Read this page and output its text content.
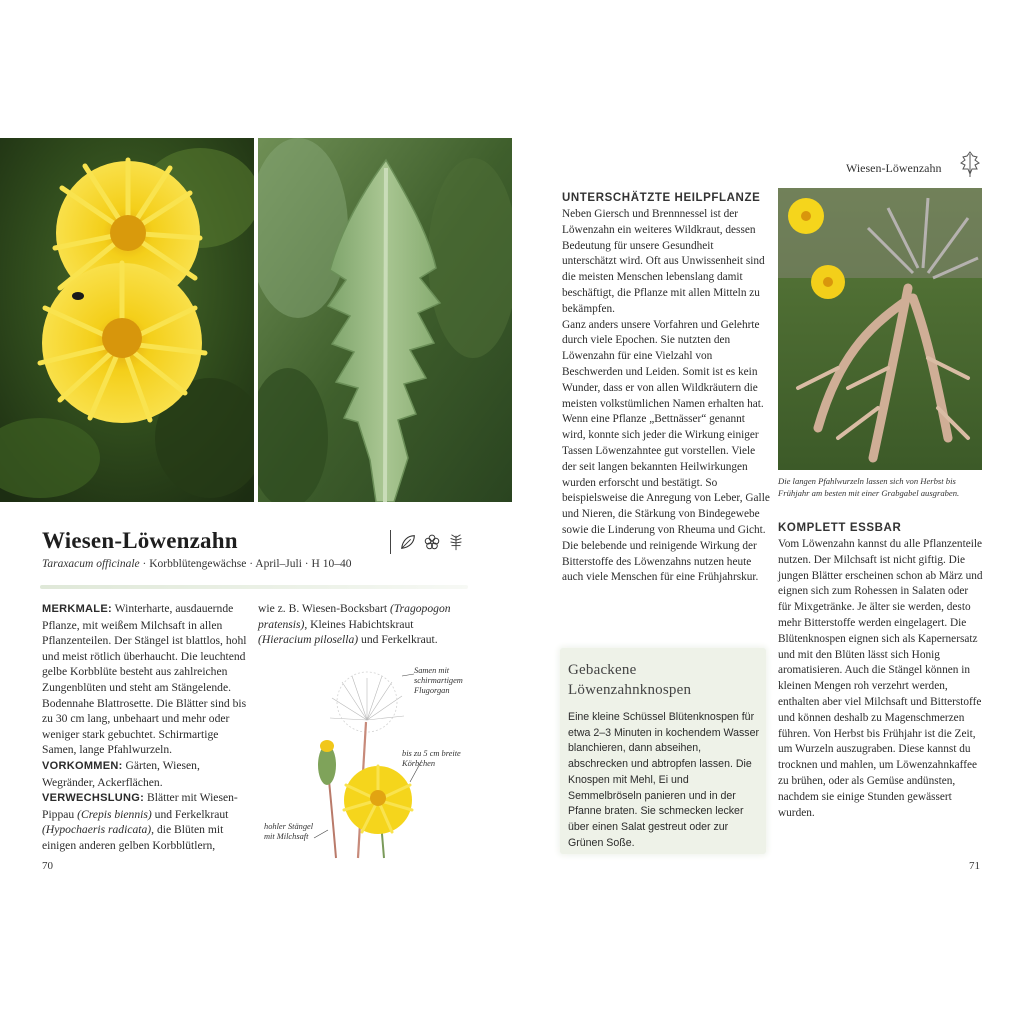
Wiesen-Löwenzahn
Taraxacum officinale · Korbblütengewächse · April–Juli · H 10–40

MERKMALE: Winterharte, ausdauernde Pflanze, mit weißem Milchsaft in allen Pflanzenteilen. Der Stängel ist blattlos, hohl und meist rötlich überhaucht. Die leuchtend gelbe Korbblüte besteht aus zahlreichen Zungenblüten und steht am Stängelende. Bodennahe Blattrosette. Die Blätter sind bis zu 30 cm lang, unbehaart und mehr oder weniger stark gebuchtet. Schirmartige Samen, lange Pfahlwurzeln.

VORKOMMEN: Gärten, Wiesen, Wegränder, Ackerflächen.

VERWECHSLUNG: Blätter mit Wiesen-Pippau (Crepis biennis) und Ferkelkraut (Hypochaeris radicata), die Blüten mit einigen anderen gelben Korbblütlern,

wie z. B. Wiesen-Bocksbart (Tragopogon pratensis), Kleines Habichtskraut (Hieracium pilosella) und Ferkelkraut.

Samen mit schirmartigem Flugorgan
bis zu 5 cm breite Körbchen
hohler Stängel mit Milchsaft
70
Wiesen-Löwenzahn
UNTERSCHÄTZTE HEILPFLANZE

Neben Giersch und Brennnessel ist der Löwenzahn ein weiteres Wildkraut, dessen Bedeutung für unsere Gesundheit unterschätzt wird. Oft aus Unwissenheit sind die meisten Menschen lebenslang damit beschäftigt, die Pflanze mit allen Mitteln zu bekämpfen.

Ganz anders unsere Vorfahren und Gelehrte durch viele Epochen. Sie nutzten den Löwenzahn für eine Vielzahl von Beschwerden und Leiden. Somit ist es kein Wunder, dass er von allen Wildkräutern die meisten volkstümlichen Namen erhalten hat. Wenn eine Pflanze „Bettnässer“ genannt wird, konnte sich jeder die Wirkung einiger Tassen Löwenzahntee gut vorstellen. Viele der seit langen bekannten Heilwirkungen wurden erforscht und bestätigt. So beispielsweise die Anregung von Leber, Galle und Nieren, die Stärkung von Bindegewebe sowie die Linderung von Rheuma und Gicht. Die belebende und reinigende Wirkung der Bitterstoffe des Löwenzahns nutzen heute auch viele Menschen für eine Frühjahrskur.

Die langen Pfahlwurzeln lassen sich von Herbst bis Frühjahr am besten mit einer Grabgabel ausgraben.
KOMPLETT ESSBAR

Vom Löwenzahn kannst du alle Pflanzenteile nutzen. Der Milchsaft ist nicht giftig. Die jungen Blätter erscheinen schon ab März und eignen sich zum Rohessen in Salaten oder für Mixgetränke. Je älter sie werden, desto mehr Bitterstoffe werden eingelagert. Die Blütenknospen eignen sich als Kapernersatz und mit den Blüten lässt sich Honig aromatisieren. Auch die Stängel können in kleinen Mengen roh verzehrt werden, enthalten aber viel Milchsaft und Bitterstoffe und können deshalb zu Magenschmerzen führen. Von Herbst bis Frühjahr ist die Zeit, um Wurzeln auszugraben. Diese kannst du trocknen und mahlen, um Löwenzahnkaffee zu brühen, oder als Gemüse andünsten, nachdem sie einige Stunden gewässert wurden.

Gebackene Löwenzahnknospen
Eine kleine Schüssel Blütenknospen für etwa 2–3 Minuten in kochendem Wasser blanchieren, dann abseihen, abschrecken und abtropfen lassen. Die Knospen mit Mehl, Ei und Semmelbröseln panieren und in der Pfanne braten. Sie schmecken lecker über einen Salat gestreut oder zur Grünen Soße.
71
